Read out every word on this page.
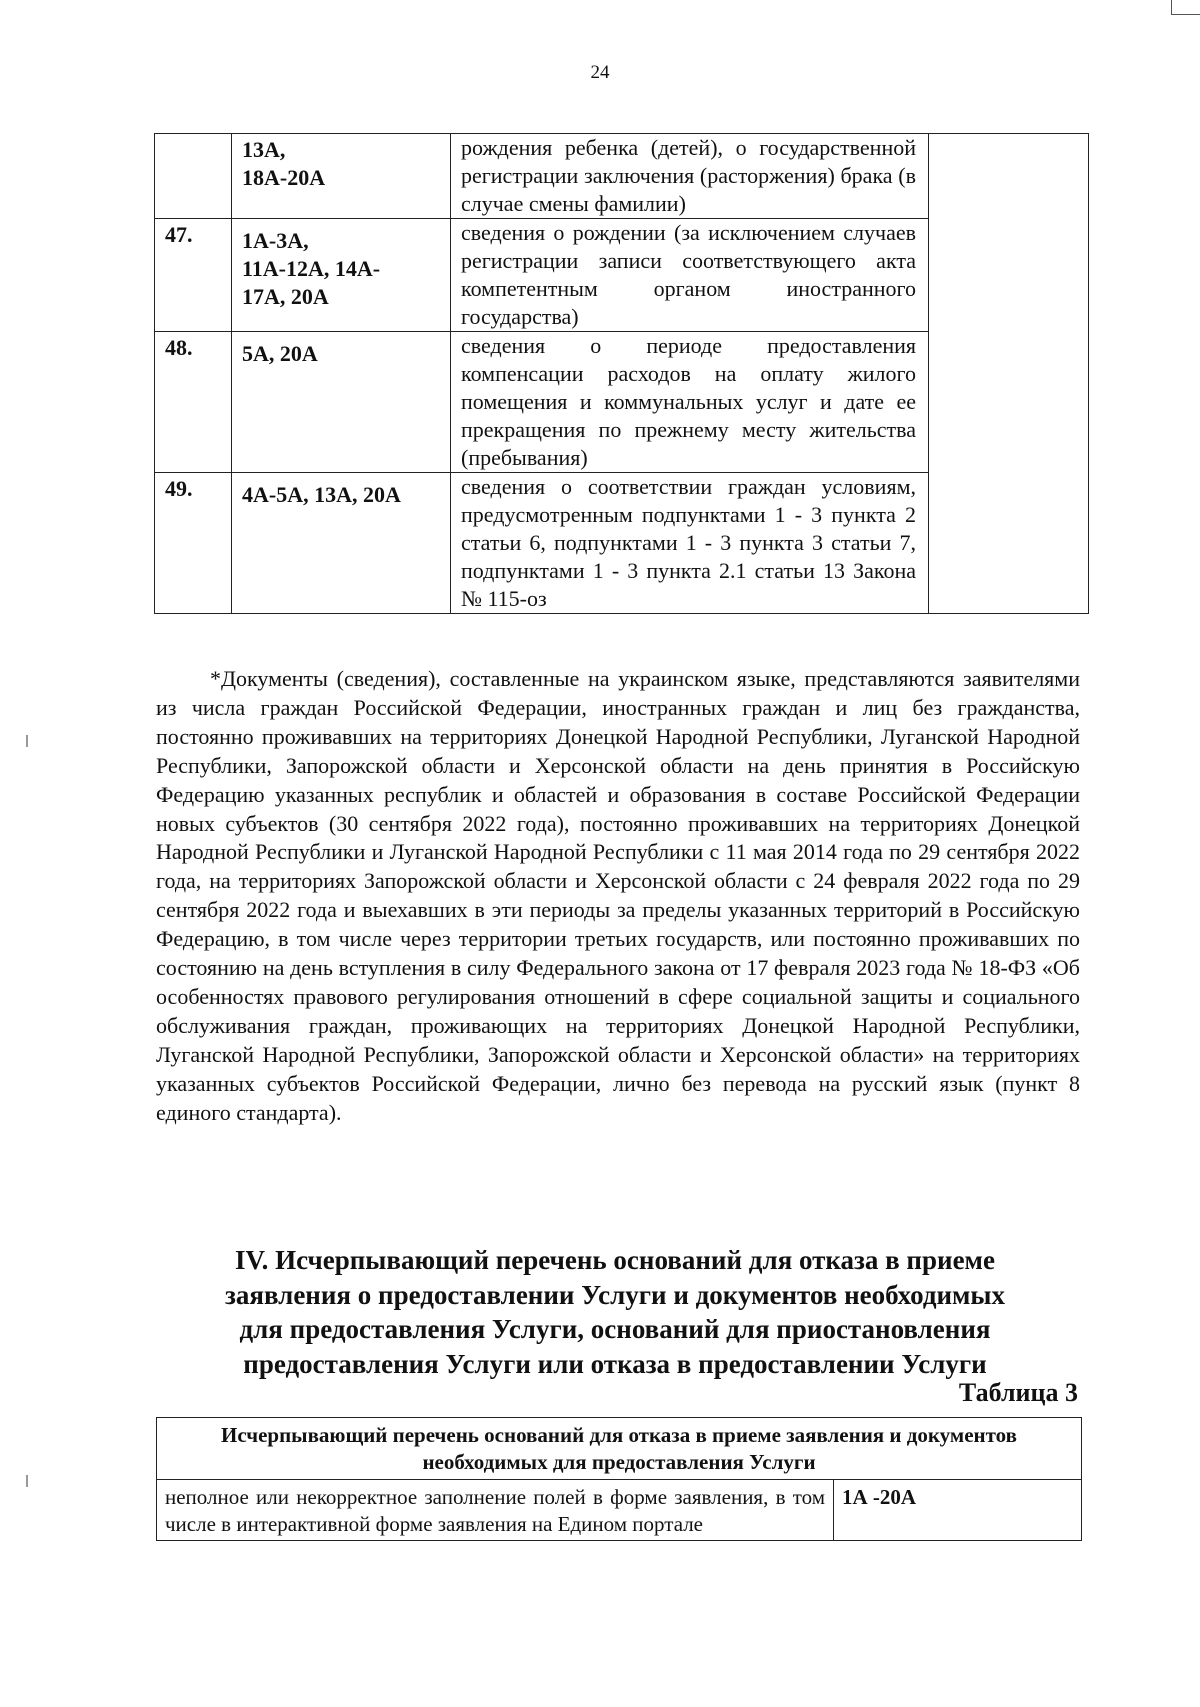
24

	13А,
18А-20А	рождения ребенка (детей), о государственной регистрации заключения (расторжения) брака (в случае смены фамилии)	
47.	1А-3А,
11А-12А, 14А-
17А, 20А	сведения о рождении (за исключением случаев регистрации записи соответствующего акта компетентным органом иностранного государства)	
48.	5А, 20А	сведения о периоде предоставления компенсации расходов на оплату жилого помещения и коммунальных услуг и дате ее прекращения по прежнему месту жительства (пребывания)	
49.	4А-5А, 13А, 20А	сведения о соответствии граждан условиям, предусмотренным подпунктами 1 - 3 пункта 2 статьи 6, подпунктами 1 - 3 пункта 3 статьи 7, подпунктами 1 - 3 пункта 2.1 статьи 13 Закона № 115-оз	
*Документы (сведения), составленные на украинском языке, представляются заявителями из числа граждан Российской Федерации, иностранных граждан и лиц без гражданства, постоянно проживавших на территориях Донецкой Народной Республики, Луганской Народной Республики, Запорожской области и Херсонской области на день принятия в Российскую Федерацию указанных республик и областей и образования в составе Российской Федерации новых субъектов (30 сентября 2022 года), постоянно проживавших на территориях Донецкой Народной Республики и Луганской Народной Республики с 11 мая 2014 года по 29 сентября 2022 года, на территориях Запорожской области и Херсонской области с 24 февраля 2022 года по 29 сентября 2022 года и выехавших в эти периоды за пределы указанных территорий в Российскую Федерацию, в том числе через территории третьих государств, или постоянно проживавших по состоянию на день вступления в силу Федерального закона от 17 февраля 2023 года № 18-ФЗ «Об особенностях правового регулирования отношений в сфере социальной защиты и социального обслуживания граждан, проживающих на территориях Донецкой Народной Республики, Луганской Народной Республики, Запорожской области и Херсонской области» на территориях указанных субъектов Российской Федерации, лично без перевода на русский язык (пункт 8 единого стандарта).
IV. Исчерпывающий перечень оснований для отказа в приеме
заявления о предоставлении Услуги и документов необходимых
для предоставления Услуги, оснований для приостановления
предоставления Услуги или отказа в предоставлении Услуги
Таблица 3
Исчерпывающий перечень оснований для отказа в приеме заявления и документов необходимых для предоставления Услуги
неполное или некорректное заполнение полей в форме заявления, в том числе в интерактивной форме заявления на Едином портале	1А -20А
